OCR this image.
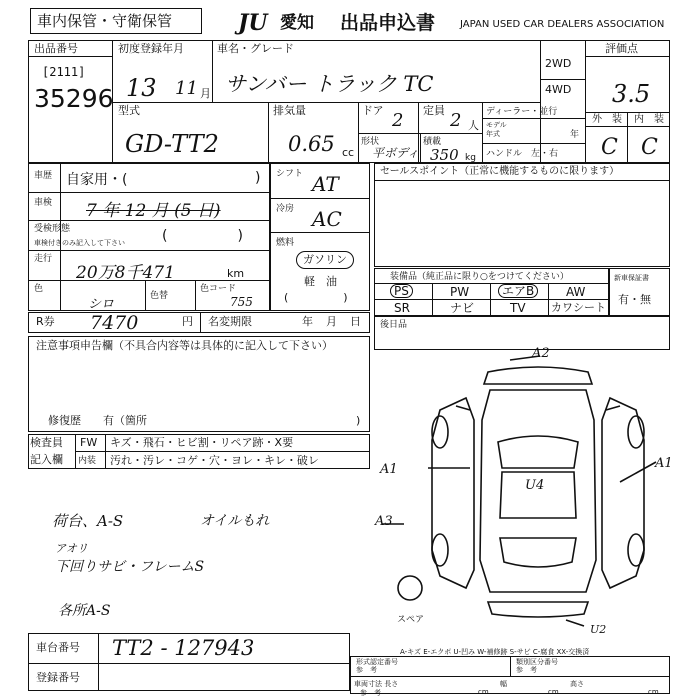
車内保管・守衛保管	JU 愛知 出品申込書 JAPAN USED CAR DEALERS ASSOCIATION
出品番号
[2111]
35296
初度登録年月
13 11 月
車名・グレード
サンバー トラック TC
2WD
4WD
評価点
3.5
外　装 内　装
C C
型式
GD-TT2
排気量
0.65 cc
ドア 2 定員 2 人
形状
平ボディ
積載
350 kg
ディーラー・並行
モデル
年式	年
ハンドル　左・右
車歴 自家用・(	)
車検 7 年 12 月 (5 日)
受検形態
車検付きのみ記入して下さい	(　　　　　)
走行
20万8千471	km
色
シロ
色替
色コード
755
R券 7470	円 名変期限	年 月 日
注意事項申告欄（不具合内容等は具体的に記入して下さい）
修復歴　　有（箇所	)
検査員
記入欄
FW
内装
キズ・飛石・ヒビ割・リペア跡・X要
汚れ・汚レ・コゲ・穴・ヨレ・キレ・破レ
荷台、A-S	オイルもれ
アオリ
下回りサビ・フレームS
各所A-S
車台番号 TT2 - 127943
登録番号
シフト AT
冷房 AC
燃料
ガソリン
軽　油
(　　　　　)
セールスポイント（正常に機能するものに限ります）
装備品（純正品に限り○をつけてください）
PS	PW	エアB	AW
SR	ナビ	TV カワシート
新車保証書
有・無
後日品
A2
A1
A3
A1
U4
U2
スペア
A-キズ E-エクボ U-凹み W-補修跡 S-サビ C-腐食 XX-交換済
形式認定番号
参　考
類別区分番号
参　考
車両寸法 長さ
参　考
幅	高さ
cm	cm	cm
